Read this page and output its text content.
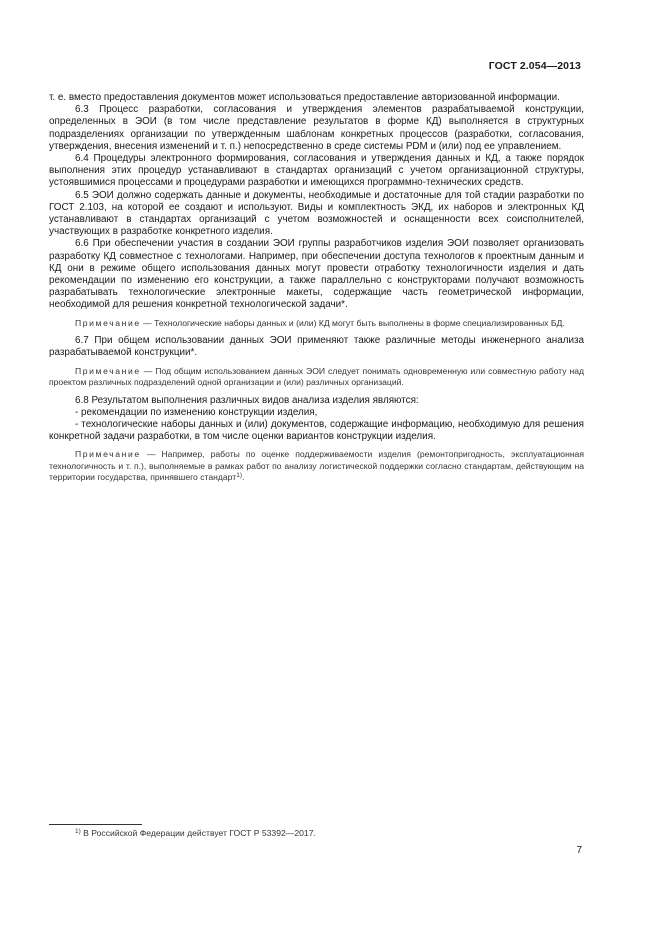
ГОСТ 2.054—2013

т. е. вместо предоставления документов может использоваться предоставление авторизованной информации.

6.3 Процесс разработки, согласования и утверждения элементов разрабатываемой конструкции, определенных в ЭОИ (в том числе представление результатов в форме КД) выполняется в структурных подразделениях организации по утвержденным шаблонам конкретных процессов (разработки, согласования, утверждения, внесения изменений и т. п.) непосредственно в среде системы PDM и (или) под ее управлением.

6.4 Процедуры электронного формирования, согласования и утверждения данных и КД, а также порядок выполнения этих процедур устанавливают в стандартах организаций с учетом организационной структуры, устоявшимися процессами и процедурами разработки и имеющихся программно-технических средств.

6.5 ЭОИ должно содержать данные и документы, необходимые и достаточные для той стадии разработки по ГОСТ 2.103, на которой ее создают и используют. Виды и комплектность ЭКД, их наборов и электронных КД устанавливают в стандартах организаций с учетом возможностей и оснащенности всех соисполнителей, участвующих в разработке конкретного изделия.

6.6 При обеспечении участия в создании ЭОИ группы разработчиков изделия ЭОИ позволяет организовать разработку КД совместное с технологами. Например, при обеспечении доступа технологов к проектным данным и КД они в режиме общего использования данных могут провести отработку технологичности изделия и дать рекомендации по изменению его конструкции, а также параллельно с конструкторами получают возможность разрабатывать технологические электронные макеты, содержащие часть геометрической информации, необходимой для решения конкретной технологической задачи*.

Примечание — Технологические наборы данных и (или) КД могут быть выполнены в форме специализированных БД.

6.7 При общем использовании данных ЭОИ применяют также различные методы инженерного анализа разрабатываемой конструкции*.

Примечание — Под общим использованием данных ЭОИ следует понимать одновременную или совместную работу над проектом различных подразделений одной организации и (или) различных организаций.

6.8 Результатом выполнения различных видов анализа изделия являются:

- рекомендации по изменению конструкции изделия,

- технологические наборы данных и (или) документов, содержащие информацию, необходимую для решения конкретной задачи разработки, в том числе оценки вариантов конструкции изделия.

Примечание — Например, работы по оценке поддерживаемости изделия (ремонтопригодность, эксплуатационная технологичность и т. п.), выполняемые в рамках работ по анализу логистической поддержки согласно стандартам, действующим на территории государства, принявшего стандарт$^{1)}$.

$^{1)}$ В Российской Федерации действует ГОСТ Р 53392—2017.
7
